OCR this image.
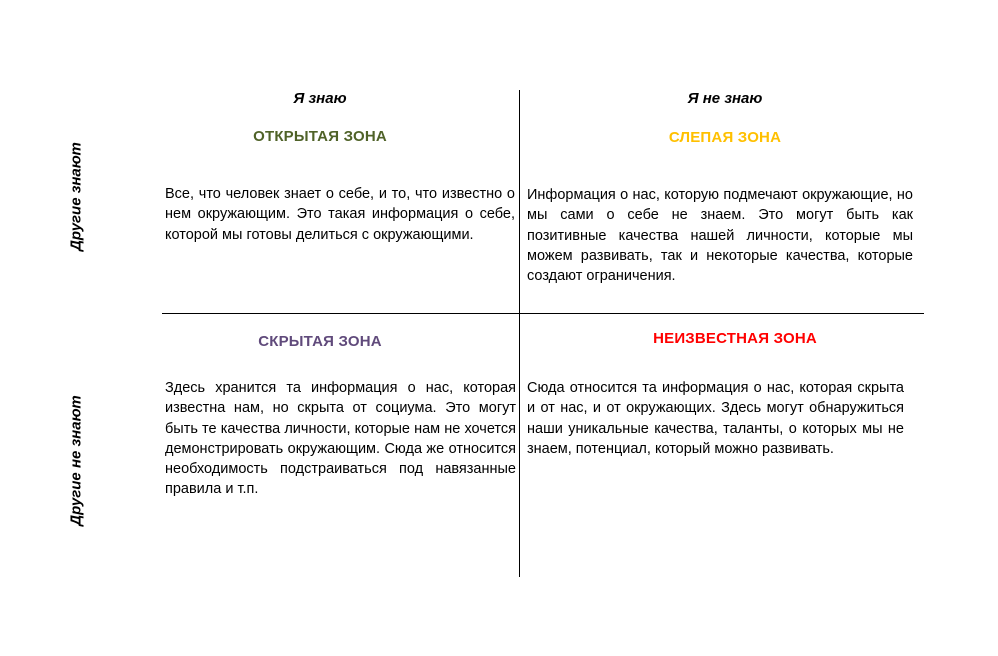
Я знаю	Я не знаю
Другие знают
Другие не знают
ОТКРЫТАЯ ЗОНА
Все, что человек знает о себе, и то, что известно о нем окружающим. Это такая информация о себе, которой мы готовы делиться с окружающими.
СЛЕПАЯ ЗОНА
Информация о нас, которую подмечают окружающие, но мы сами о себе не знаем. Это могут быть как позитивные качества нашей личности, которые мы можем развивать, так и некоторые качества, которые создают ограничения.
СКРЫТАЯ ЗОНА
Здесь хранится та информация о нас, которая известна нам, но скрыта от социума. Это могут быть те качества личности, которые нам не хочется демонстрировать окружающим. Сюда же относится необходимость подстраиваться под навязанные правила и т.п.
НЕИЗВЕСТНАЯ ЗОНА
Сюда относится та информация о нас, которая скрыта и от нас, и от окружающих. Здесь могут обнаружиться наши уникальные качества, таланты, о которых мы не знаем, потенциал, который можно развивать.
